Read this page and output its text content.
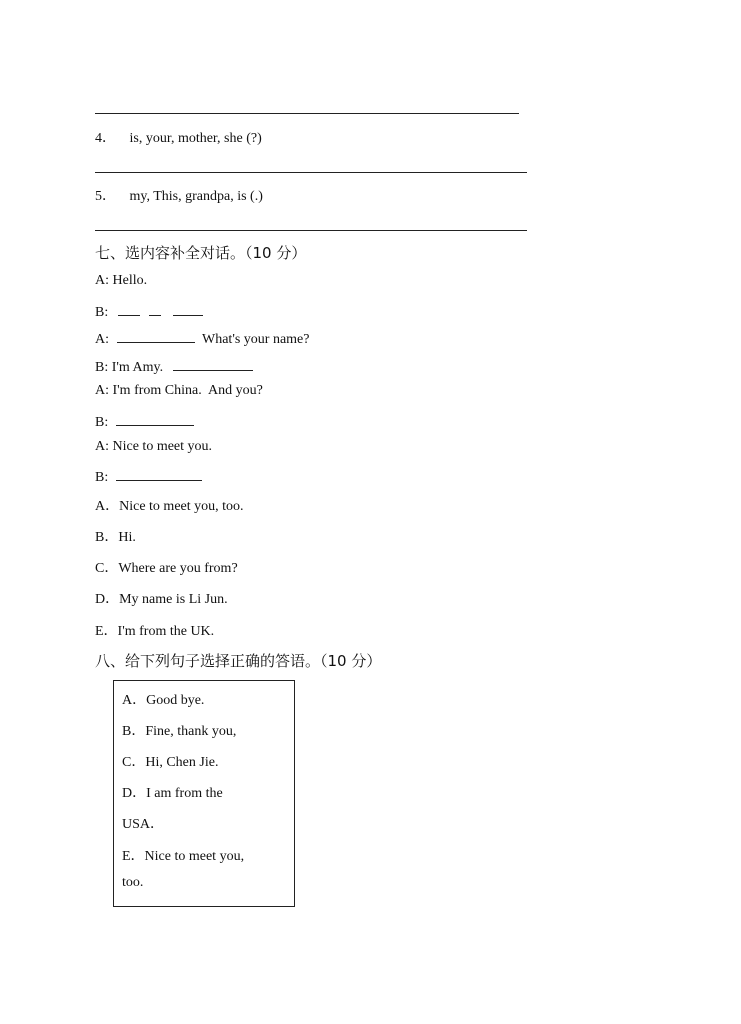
4． is, your, mother, she (?)
5． my, This, grandpa, is (.)
七、选内容补全对话。（10 分）
A: Hello.
B:
A:	What's your name?
B: I'm Amy.
A: I'm from China.  And you?
B:
A: Nice to meet you.
B:
A．Nice to meet you, too.
B．Hi.
C．Where are you from?
D．My name is Li Jun.
E．I'm from the UK.
八、给下列句子选择正确的答语。（10 分）
A．Good bye.
B．Fine, thank you,
C．Hi, Chen Jie.
D．I am from the
USA．
E．Nice to meet you,
too.
